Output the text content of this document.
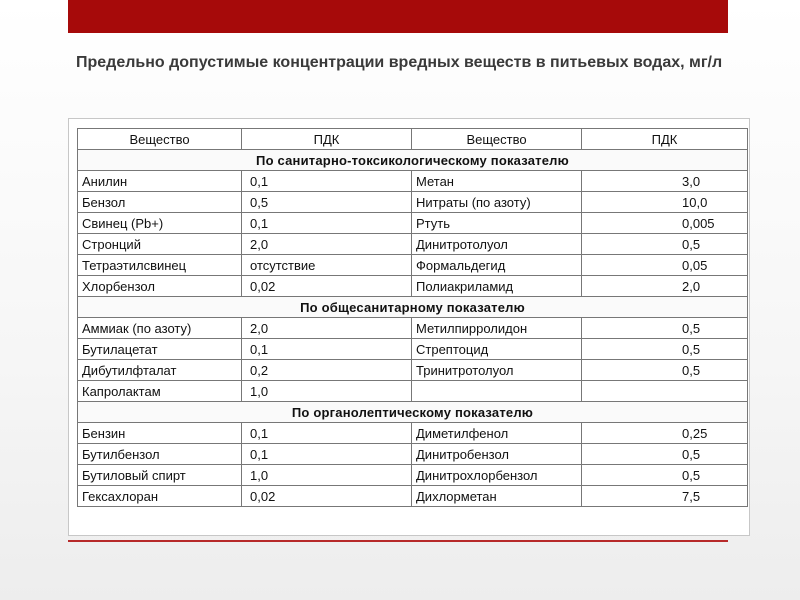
Предельно допустимые концентрации вредных веществ в питьевых водах, мг/л
Вещество	ПДК	Вещество	ПДК
По санитарно-токсикологическому показателю			
Анилин	0,1	Метан	3,0
Бензол	0,5	Нитраты (по азоту)	10,0
Свинец (Pb+)	0,1	Ртуть	0,005
Стронций	2,0	Динитротолуол	0,5
Тетраэтилсвинец	отсутствие	Формальдегид	0,05
Хлорбензол	0,02	Полиакриламид	2,0
По общесанитарному показателю			
Аммиак (по азоту)	2,0	Метилпирролидон	0,5
Бутилацетат	0,1	Стрептоцид	0,5
Дибутилфталат	0,2	Тринитротолуол	0,5
Капролактам	1,0		
По органолептическому показателю			
Бензин	0,1	Диметилфенол	0,25
Бутилбензол	0,1	Динитробензол	0,5
Бутиловый спирт	1,0	Динитрохлорбензол	0,5
Гексахлоран	0,02	Дихлорметан	7,5
